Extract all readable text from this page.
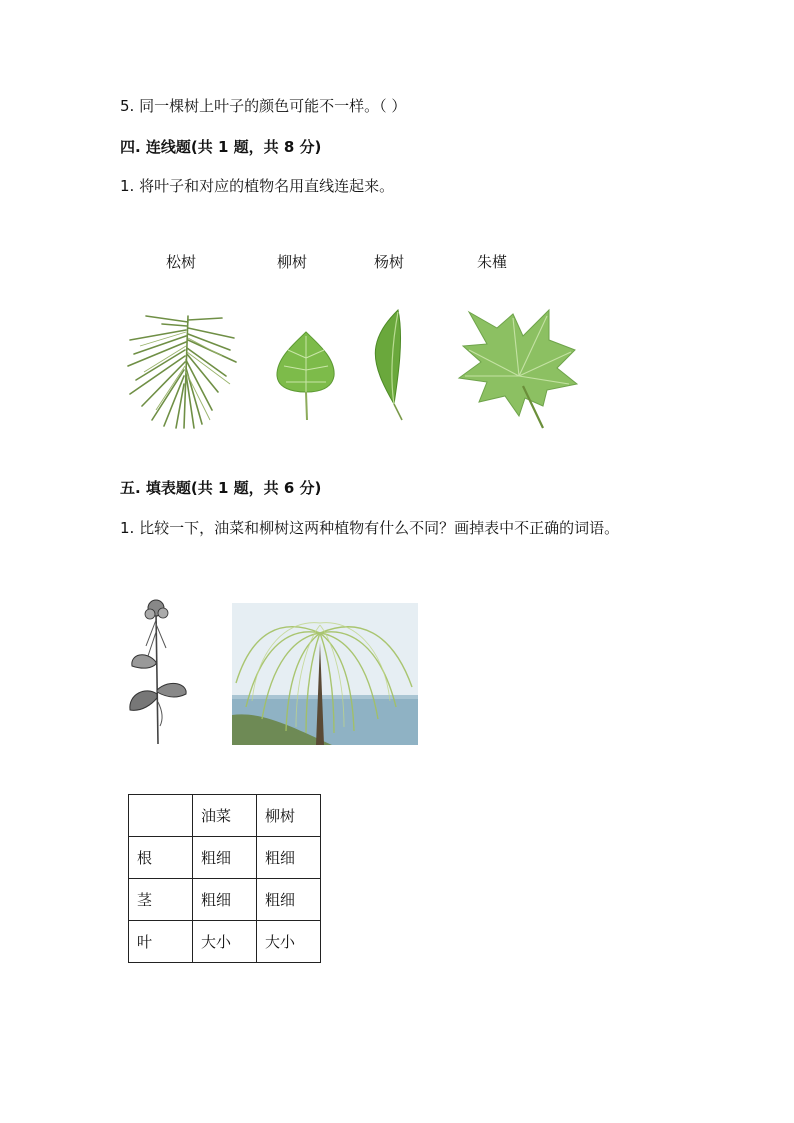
5. 同一棵树上叶子的颜色可能不一样。（ ）
四. 连线题(共 1 题，共 8 分)
1. 将叶子和对应的植物名用直线连起来。
松树	柳树	杨树	朱槿
五. 填表题(共 1 题，共 6 分)
1. 比较一下，油菜和柳树这两种植物有什么不同？画掉表中不正确的词语。
	油菜	柳树
根	粗细	粗细
茎	粗细	粗细
叶	大小	大小
